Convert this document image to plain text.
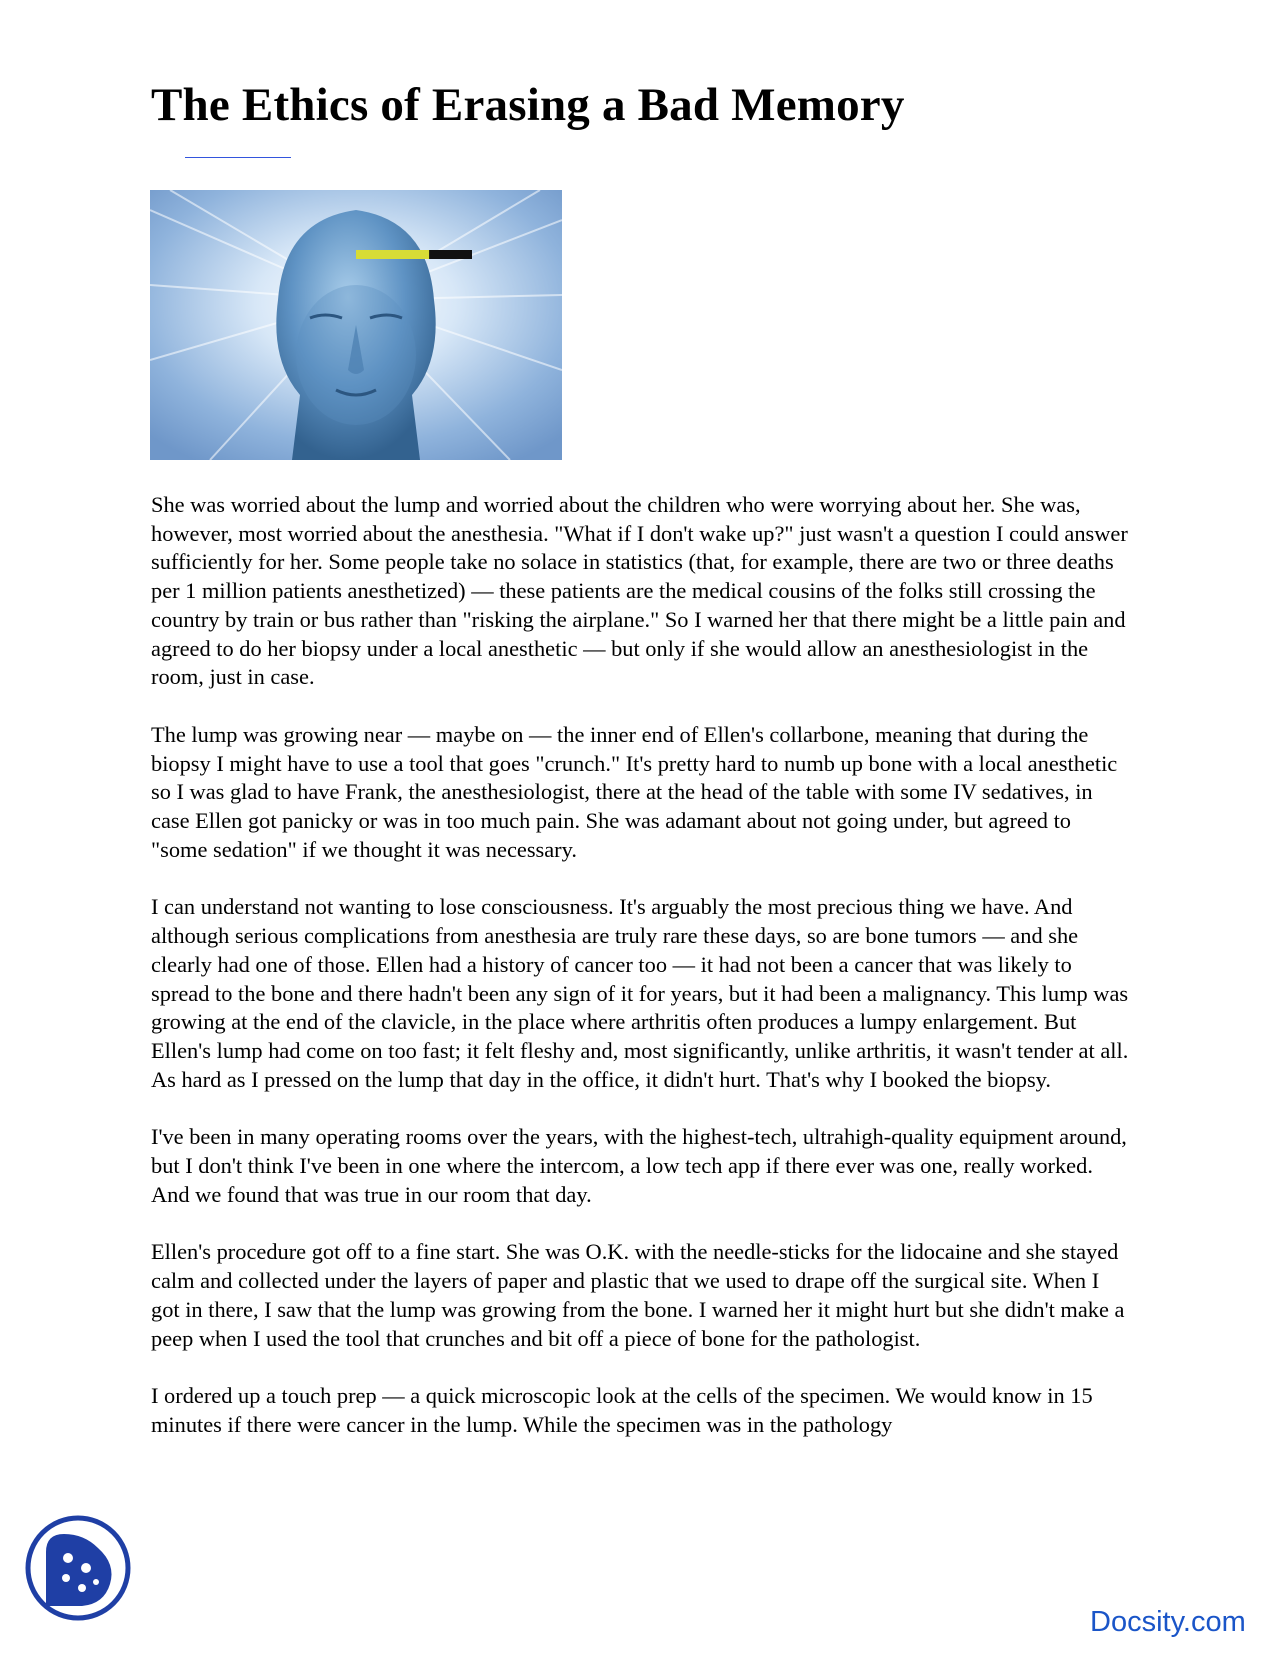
The Ethics of Erasing a Bad Memory

She was worried about the lump and worried about the children who were worrying about her. She was, however, most worried about the anesthesia. "What if I don't wake up?" just wasn't a question I could answer sufficiently for her. Some people take no solace in statistics (that, for example, there are two or three deaths per 1 million patients anesthetized) — these patients are the medical cousins of the folks still crossing the country by train or bus rather than "risking the airplane." So I warned her that there might be a little pain and agreed to do her biopsy under a local anesthetic — but only if she would allow an anesthesiologist in the room, just in case.

The lump was growing near — maybe on — the inner end of Ellen's collarbone, meaning that during the biopsy I might have to use a tool that goes "crunch." It's pretty hard to numb up bone with a local anesthetic so I was glad to have Frank, the anesthesiologist, there at the head of the table with some IV sedatives, in case Ellen got panicky or was in too much pain. She was adamant about not going under, but agreed to "some sedation" if we thought it was necessary.

I can understand not wanting to lose consciousness. It's arguably the most precious thing we have. And although serious complications from anesthesia are truly rare these days, so are bone tumors — and she clearly had one of those. Ellen had a history of cancer too — it had not been a cancer that was likely to spread to the bone and there hadn't been any sign of it for years, but it had been a malignancy. This lump was growing at the end of the clavicle, in the place where arthritis often produces a lumpy enlargement. But Ellen's lump had come on too fast; it felt fleshy and, most significantly, unlike arthritis, it wasn't tender at all. As hard as I pressed on the lump that day in the office, it didn't hurt. That's why I booked the biopsy.

I've been in many operating rooms over the years, with the highest-tech, ultrahigh-quality equipment around, but I don't think I've been in one where the intercom, a low tech app if there ever was one, really worked. And we found that was true in our room that day.

Ellen's procedure got off to a fine start. She was O.K. with the needle-sticks for the lidocaine and she stayed calm and collected under the layers of paper and plastic that we used to drape off the surgical site. When I got in there, I saw that the lump was growing from the bone. I warned her it might hurt but she didn't make a peep when I used the tool that crunches and bit off a piece of bone for the pathologist.

I ordered up a touch prep — a quick microscopic look at the cells of the specimen. We would know in 15 minutes if there were cancer in the lump. While the specimen was in the pathology

Docsity.com
